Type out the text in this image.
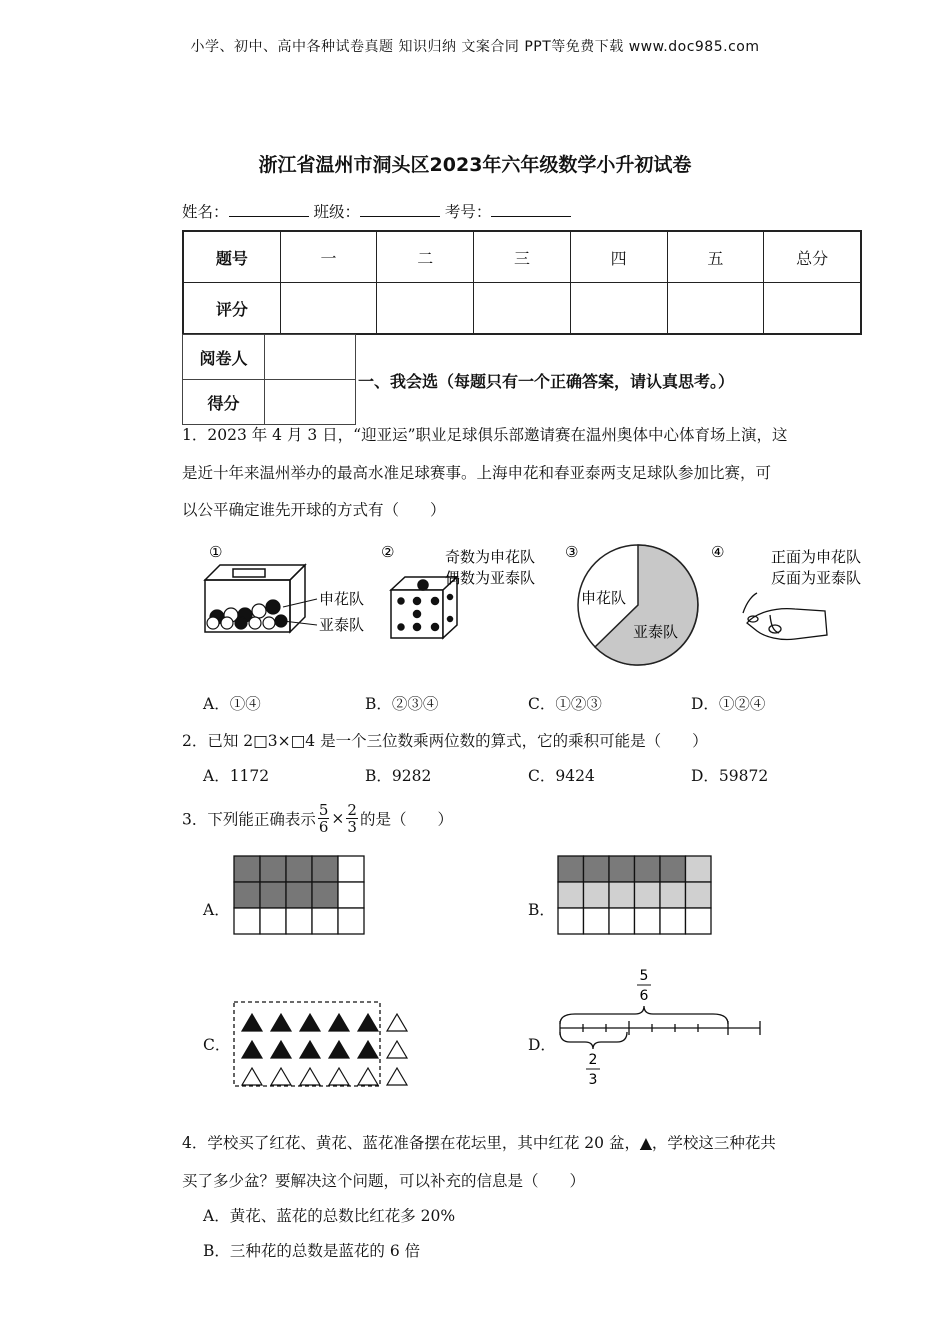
小学、初中、高中各种试卷真题 知识归纳 文案合同 PPT等免费下载 www.doc985.com
浙江省温州市洞头区2023年六年级数学小升初试卷
姓名：	班级：	考号：
题号	一	二	三	四	五	总分
评分						
阅卷人	
得分	
一、我会选（每题只有一个正确答案，请认真思考。）
1．2023 年 4 月 3 日，“迎亚运”职业足球俱乐部邀请赛在温州奥体中心体育场上演，这
是近十年来温州举办的最高水准足球赛事。上海申花和春亚泰两支足球队参加比赛，可
以公平确定谁先开球的方式有（　　）
①
申花队
亚泰队
②	奇数为申花队
偶数为亚泰队
③
申花队
亚泰队
④	正面为申花队
反面为亚泰队
A．①④	B．②③④	C．①②③	D．①②④
2．已知 2□3×□4 是一个三位数乘两位数的算式，它的乘积可能是（　　）
A．1172	B．9282	C．9424	D．59872
3．下列能正确表示 $\frac{5}{6} \times \frac{2}{3}$ 的是（　　）
A．	B．
C．	D．
5
6
2
3
4．学校买了红花、黄花、蓝花准备摆在花坛里，其中红花 20 盆，▲，学校这三种花共
买了多少盆？要解决这个问题，可以补充的信息是（　　）
A．黄花、蓝花的总数比红花多 20%
B．三种花的总数是蓝花的 6 倍
